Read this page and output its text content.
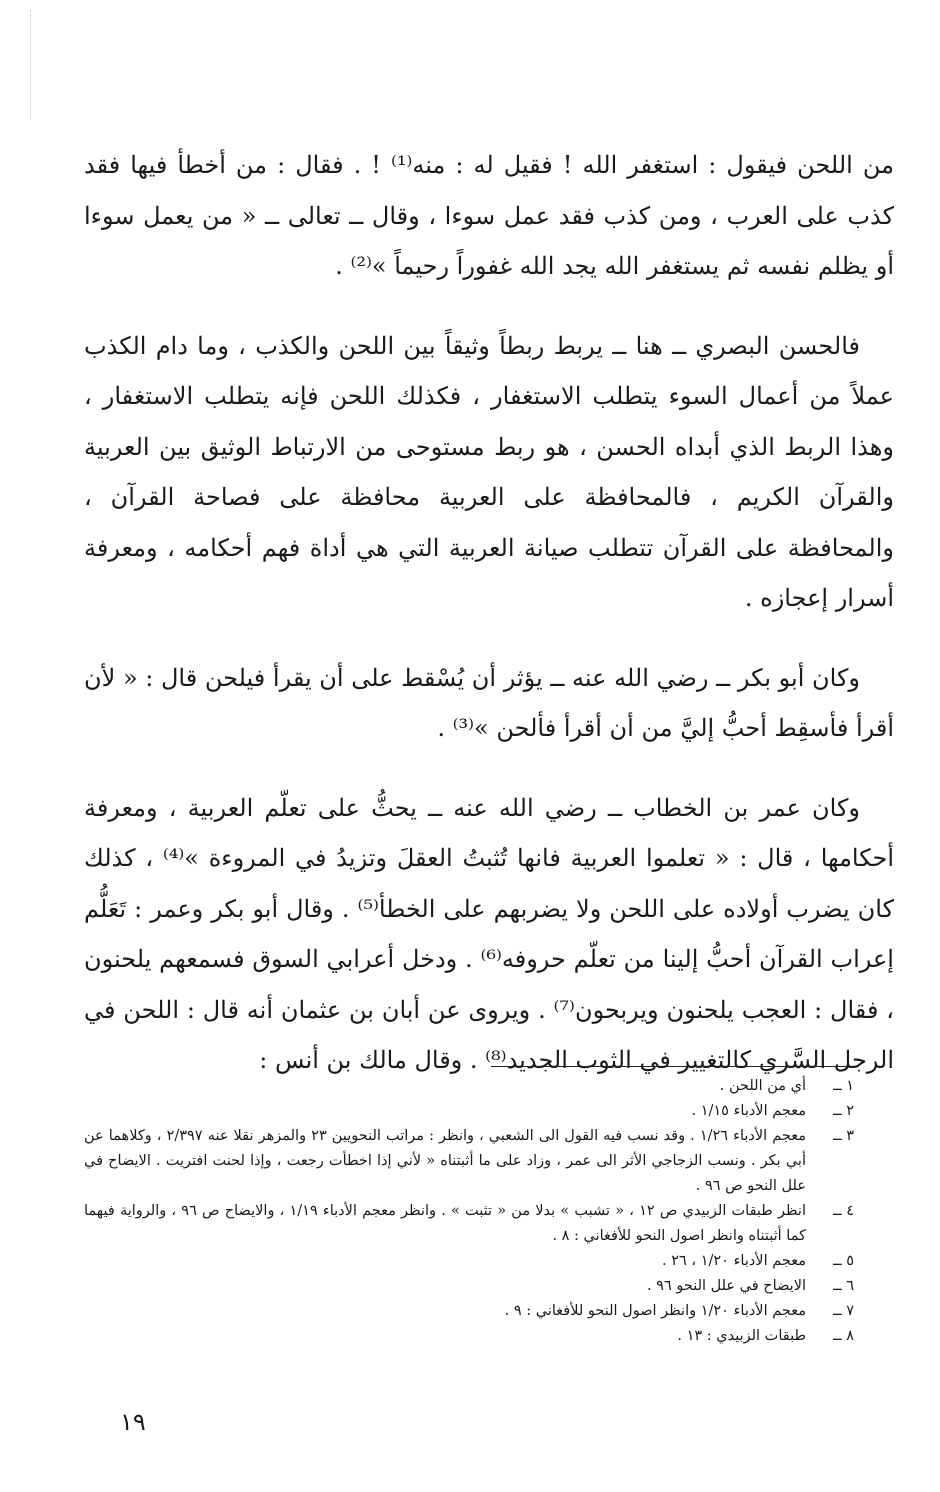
من اللحن فيقول : استغفر الله ! فقيل له : منه⁽¹⁾ ! . فقال : من أخطأ فيها فقد كذب على العرب ، ومن كذب فقد عمل سوءا ، وقال ــ تعالى ــ « من يعمل سوءا أو يظلم نفسه ثم يستغفر الله يجد الله غفوراً رحيماً »⁽²⁾ .

فالحسن البصري ــ هنا ــ يربط ربطاً وثيقاً بين اللحن والكذب ، وما دام الكذب عملاً من أعمال السوء يتطلب الاستغفار ، فكذلك اللحن فإنه يتطلب الاستغفار ، وهذا الربط الذي أبداه الحسن ، هو ربط مستوحى من الارتباط الوثيق بين العربية والقرآن الكريم ، فالمحافظة على العربية محافظة على فصاحة القرآن ، والمحافظة على القرآن تتطلب صيانة العربية التي هي أداة فهم أحكامه ، ومعرفة أسرار إعجازه .

وكان أبو بكر ــ رضي الله عنه ــ يؤثر أن يُسْقط على أن يقرأ فيلحن قال : « لأن أقرأ فأسقِط أحبُّ إليَّ من أن أقرأ فألحن »⁽³⁾ .

وكان عمر بن الخطاب ــ رضي الله عنه ــ يحثُّ على تعلّم العربية ، ومعرفة أحكامها ، قال : « تعلموا العربية فانها تُثبتُ العقلَ وتزيدُ في المروءة »⁽⁴⁾ ، كذلك كان يضرب أولاده على اللحن ولا يضربهم على الخطأ⁽⁵⁾ . وقال أبو بكر وعمر : تَعَلُّم إعراب القرآن أحبُّ إلينا من تعلّم حروفه⁽⁶⁾ . ودخل أعرابي السوق فسمعهم يلحنون ، فقال : العجب يلحنون ويربحون⁽⁷⁾ . ويروى عن أبان بن عثمان أنه قال : اللحن في الرجل السَّري كالتغيير في الثوب الجديد⁽⁸⁾ . وقال مالك بن أنس :

١ ــ
أي من اللحن .
٢ ــ
معجم الأدباء ١/١٥ .
٣ ــ
معجم الأدباء ١/٢٦ . وقد نسب فيه القول الى الشعبي ، وانظر : مراتب النحويين ٢٣ والمزهر نقلا عنه ٢/٣٩٧ ، وكلاهما عن أبي بكر . ونسب الزجاجي الأثر الى عمر ، وزاد على ما أثبتناه « لأني إذا اخطأت رجعت ، وإذا لحنت افتريت . الايضاح في علل النحو ص ٩٦ .
٤ ــ
انظر طبقات الزبيدي ص ١٢ ، « تشبب » بدلا من « تثبت » . وانظر معجم الأدباء ١/١٩ ، والايضاح ص ٩٦ ، والرواية فيهما كما أثبتناه وانظر اصول النحو للأفغاني : ٨ .
٥ ــ
معجم الأدباء ١/٢٠ ، ٢٦ .
٦ ــ
الايضاح في علل النحو ٩٦ .
٧ ــ
معجم الأدباء ١/٢٠ وانظر اصول النحو للأفغاني : ٩ .
٨ ــ
طبقات الزبيدي : ١٣ .
١٩
